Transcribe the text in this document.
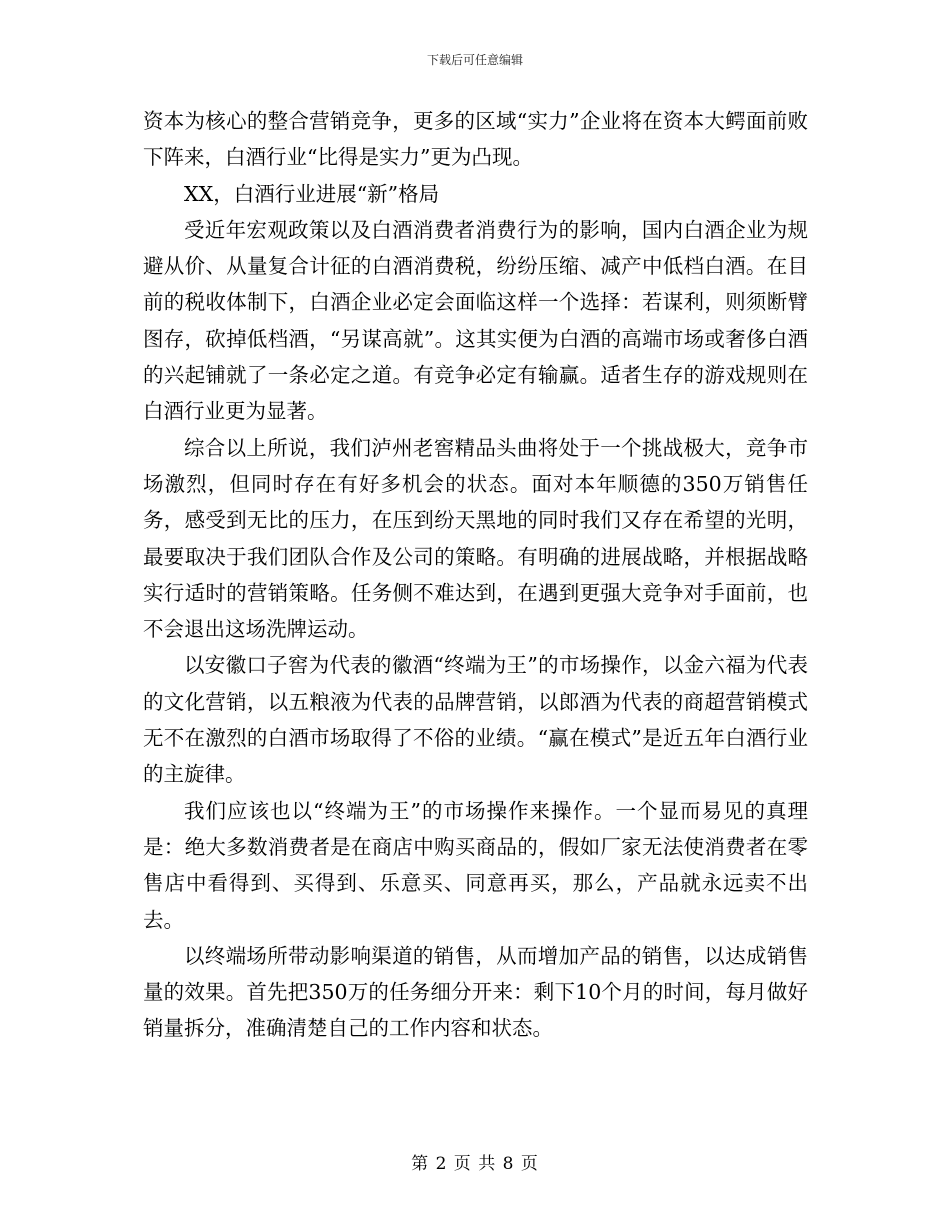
下载后可任意编辑

资本为核心的整合营销竞争，更多的区域“实力”企业将在资本大鳄面前败下阵来，白酒行业“比得是实力”更为凸现。

XX，白酒行业进展“新”格局

受近年宏观政策以及白酒消费者消费行为的影响，国内白酒企业为规避从价、从量复合计征的白酒消费税，纷纷压缩、减产中低档白酒。在目前的税收体制下，白酒企业必定会面临这样一个选择：若谋利，则须断臂图存，砍掉低档酒，“另谋高就”。这其实便为白酒的高端市场或奢侈白酒的兴起铺就了一条必定之道。有竞争必定有输赢。适者生存的游戏规则在白酒行业更为显著。

综合以上所说，我们泸州老窖精品头曲将处于一个挑战极大，竞争市场激烈，但同时存在有好多机会的状态。面对本年顺德的350万销售任务，感受到无比的压力，在压到纷天黑地的同时我们又存在希望的光明，最要取决于我们团队合作及公司的策略。有明确的进展战略，并根据战略实行适时的营销策略。任务侧不难达到，在遇到更强大竞争对手面前，也不会退出这场洗牌运动。

以安徽口子窖为代表的徽酒“终端为王”的市场操作，以金六福为代表的文化营销，以五粮液为代表的品牌营销，以郎酒为代表的商超营销模式无不在激烈的白酒市场取得了不俗的业绩。“赢在模式”是近五年白酒行业的主旋律。

我们应该也以“终端为王”的市场操作来操作。一个显而易见的真理是：绝大多数消费者是在商店中购买商品的，假如厂家无法使消费者在零售店中看得到、买得到、乐意买、同意再买，那么，产品就永远卖不出去。

以终端场所带动影响渠道的销售，从而增加产品的销售，以达成销售量的效果。首先把350万的任务细分开来：剩下10个月的时间，每月做好销量拆分，准确清楚自己的工作内容和状态。

第 2 页 共 8 页
